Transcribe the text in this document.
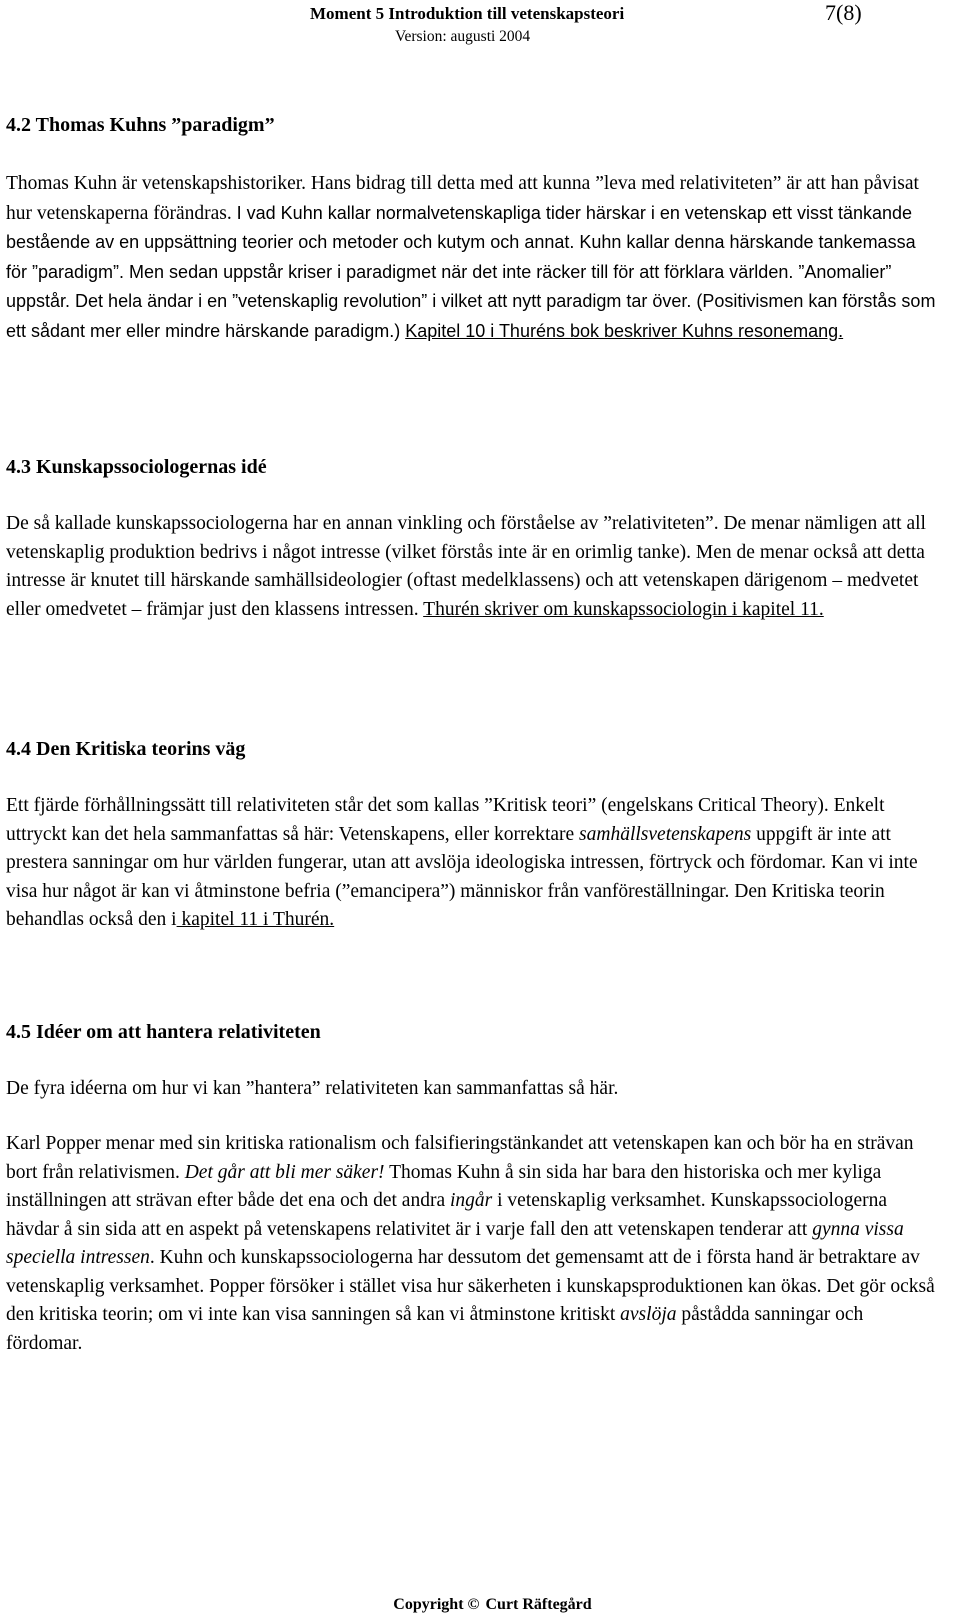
Moment 5 Introduktion till vetenskapsteori	7(8)
Version: augusti 2004
4.2 Thomas Kuhns ”paradigm”

Thomas Kuhn är vetenskapshistoriker. Hans bidrag till detta med att kunna ”leva med relativiteten” är att han påvisat hur vetenskaperna förändras. I vad Kuhn kallar normalvetenskapliga tider härskar i en vetenskap ett visst tänkande bestående av en uppsättning teorier och metoder och kutym och annat. Kuhn kallar denna härskande tankemassa för ”paradigm”. Men sedan uppstår kriser i paradigmet när det inte räcker till för att förklara världen. ”Anomalier” uppstår. Det hela ändar i en ”vetenskaplig revolution” i vilket att nytt paradigm tar över. (Positivismen kan förstås som ett sådant mer eller mindre härskande paradigm.) Kapitel 10 i Thuréns bok beskriver Kuhns resonemang.

4.3 Kunskapssociologernas idé

De så kallade kunskapssociologerna har en annan vinkling och förståelse av ”relativiteten”. De menar nämligen att all vetenskaplig produktion bedrivs i något intresse (vilket förstås inte är en orimlig tanke). Men de menar också att detta intresse är knutet till härskande samhällsideologier (oftast medelklassens) och att vetenskapen därigenom – medvetet eller omedvetet – främjar just den klassens intressen. Thurén skriver om kunskapssociologin i kapitel 11.

4.4 Den Kritiska teorins väg

Ett fjärde förhållningssätt till relativiteten står det som kallas ”Kritisk teori” (engelskans Critical Theory). Enkelt uttryckt kan det hela sammanfattas så här: Vetenskapens, eller korrektare samhällsvetenskapens uppgift är inte att prestera sanningar om hur världen fungerar, utan att avslöja ideologiska intressen, förtryck och fördomar. Kan vi inte visa hur något är kan vi åtminstone befria (”emancipera”) människor från vanföreställningar. Den Kritiska teorin behandlas också den i kapitel 11 i Thurén.

4.5 Idéer om att hantera relativiteten

De fyra idéerna om hur vi kan ”hantera” relativiteten kan sammanfattas så här.

Karl Popper menar med sin kritiska rationalism och falsifieringstänkandet att vetenskapen kan och bör ha en strävan bort från relativismen. Det går att bli mer säker! Thomas Kuhn å sin sida har bara den historiska och mer kyliga inställningen att strävan efter både det ena och det andra ingår i vetenskaplig verksamhet. Kunskapssociologerna hävdar å sin sida att en aspekt på vetenskapens relativitet är i varje fall den att vetenskapen tenderar att gynna vissa speciella intressen. Kuhn och kunskapssociologerna har dessutom det gemensamt att de i första hand är betraktare av vetenskaplig verksamhet. Popper försöker i stället visa hur säkerheten i kunskapsproduktionen kan ökas. Det gör också den kritiska teorin; om vi inte kan visa sanningen så kan vi åtminstone kritiskt avslöja påstådda sanningar och fördomar.

Copyright © Curt Räftegård
